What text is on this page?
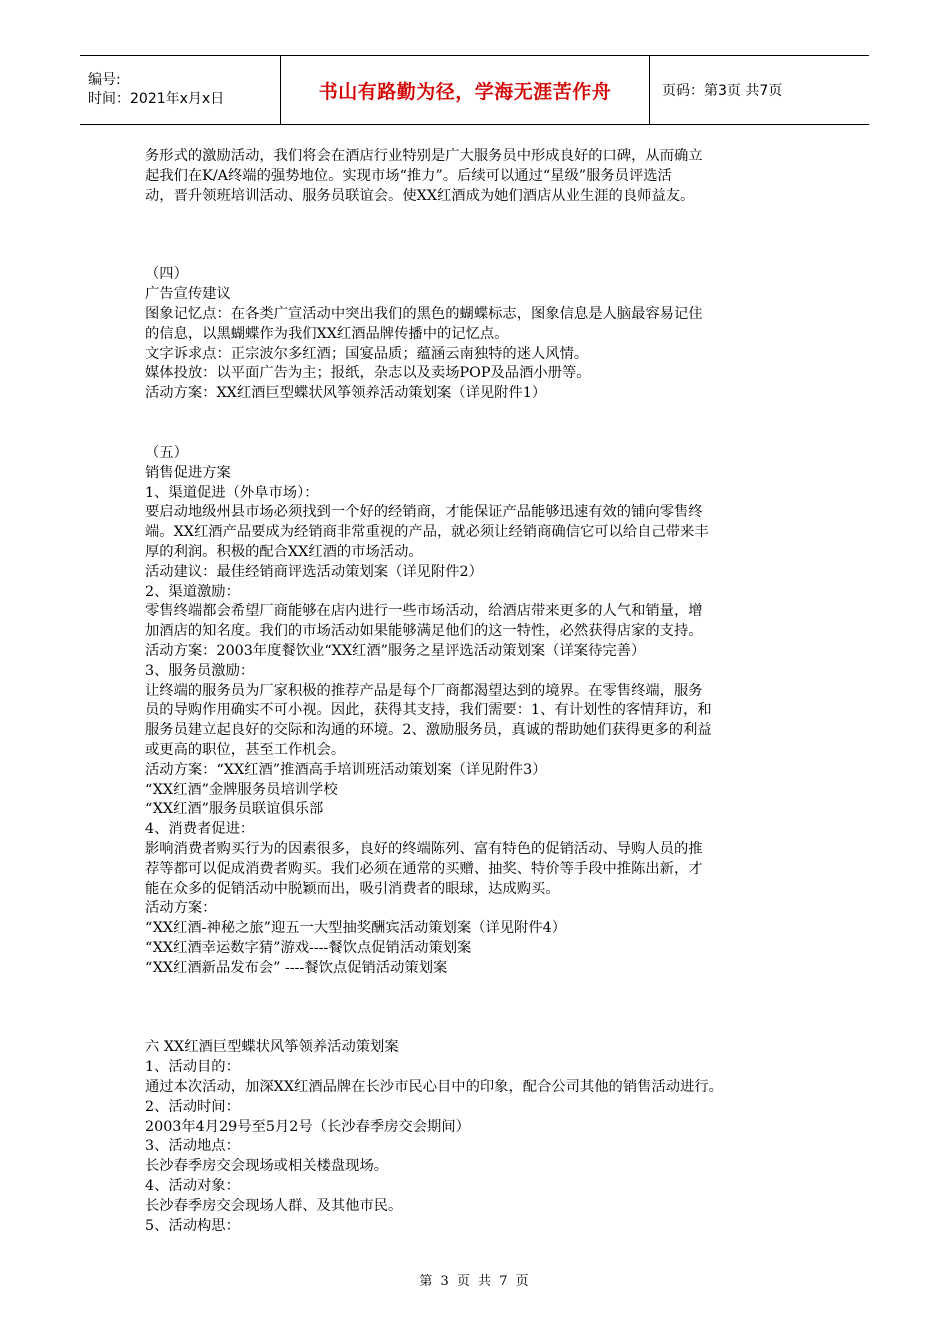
编号:
时间：2021年x月x日	书山有路勤为径，学海无涯苦作舟	页码：第3页 共7页

务形式的激励活动，我们将会在酒店行业特别是广大服务员中形成良好的口碑，从而确立

起我们在K/A终端的强势地位。实现市场“推力”。后续可以通过“星级”服务员评选活

动，晋升领班培训活动、服务员联谊会。使XX红酒成为她们酒店从业生涯的良师益友。

（四）

广告宣传建议

图象记忆点：在各类广宣活动中突出我们的黑色的蝴蝶标志，图象信息是人脑最容易记住

的信息，以黑蝴蝶作为我们XX红酒品牌传播中的记忆点。

文字诉求点：正宗波尔多红酒；国宴品质；蕴涵云南独特的迷人风情。

媒体投放：以平面广告为主；报纸，杂志以及卖场POP及品酒小册等。

活动方案：XX红酒巨型蝶状风筝领养活动策划案（详见附件1）

（五）

销售促进方案

1、渠道促进（外阜市场）：

要启动地级州县市场必须找到一个好的经销商，才能保证产品能够迅速有效的铺向零售终

端。XX红酒产品要成为经销商非常重视的产品，就必须让经销商确信它可以给自己带来丰

厚的利润。积极的配合XX红酒的市场活动。

活动建议：最佳经销商评选活动策划案（详见附件2）

2、渠道激励：

零售终端都会希望厂商能够在店内进行一些市场活动，给酒店带来更多的人气和销量，增

加酒店的知名度。我们的市场活动如果能够满足他们的这一特性，必然获得店家的支持。

活动方案：2003年度餐饮业“XX红酒”服务之星评选活动策划案（详案待完善）

3、服务员激励：

让终端的服务员为厂家积极的推荐产品是每个厂商都渴望达到的境界。在零售终端，服务

员的导购作用确实不可小视。因此，获得其支持，我们需要：1、有计划性的客情拜访，和

服务员建立起良好的交际和沟通的环境。2、激励服务员，真诚的帮助她们获得更多的利益

或更高的职位，甚至工作机会。

活动方案：“XX红酒”推酒高手培训班活动策划案（详见附件3）

“XX红酒”金牌服务员培训学校

“XX红酒”服务员联谊俱乐部

4、消费者促进：

影响消费者购买行为的因素很多，良好的终端陈列、富有特色的促销活动、导购人员的推

荐等都可以促成消费者购买。我们必须在通常的买赠、抽奖、特价等手段中推陈出新，才

能在众多的促销活动中脱颖而出，吸引消费者的眼球，达成购买。

活动方案：

“XX红酒-神秘之旅”迎五一大型抽奖酬宾活动策划案（详见附件4）

“XX红酒幸运数字猜”游戏----餐饮点促销活动策划案

“XX红酒新品发布会” ----餐饮点促销活动策划案

六 XX红酒巨型蝶状风筝领养活动策划案

1、活动目的：

通过本次活动，加深XX红酒品牌在长沙市民心目中的印象，配合公司其他的销售活动进行。

2、活动时间：

2003年4月29号至5月2号（长沙春季房交会期间）

3、活动地点：

长沙春季房交会现场或相关楼盘现场。

4、活动对象：

长沙春季房交会现场人群、及其他市民。

5、活动构思：

第 3 页 共 7 页
